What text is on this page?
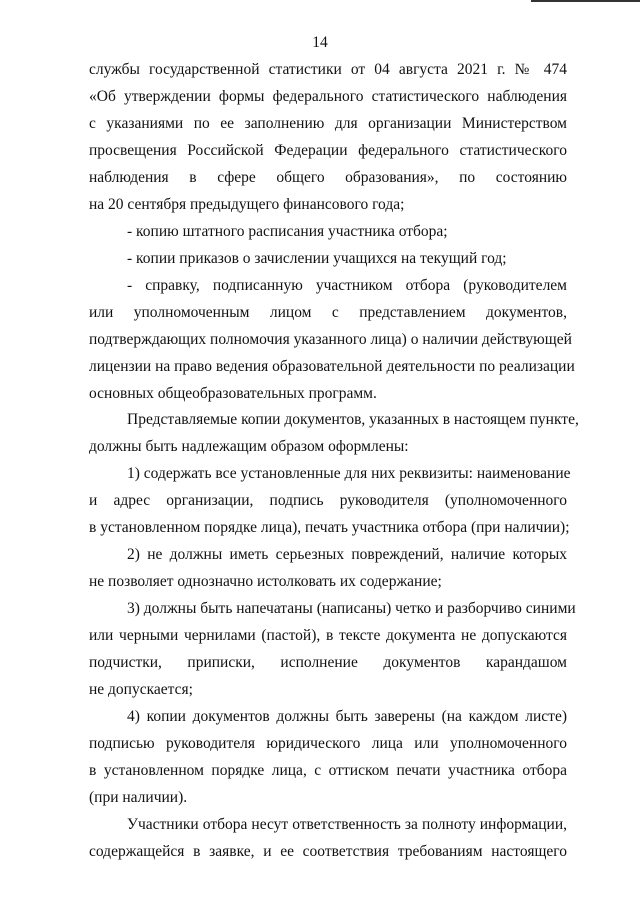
14

службы государственной статистики от 04 августа 2021 г. № 474
«Об утверждении формы федерального статистического наблюдения
с указаниями по ее заполнению для организации Министерством
просвещения Российской Федерации федерального статистического
наблюдения в сфере общего образования», по состоянию
на 20 сентября предыдущего финансового года;

- копию штатного расписания участника отбора;

- копии приказов о зачислении учащихся на текущий год;

- справку, подписанную участником отбора (руководителем
или уполномоченным лицом с представлением документов,
подтверждающих полномочия указанного лица) о наличии действующей
лицензии на право ведения образовательной деятельности по реализации
основных общеобразовательных программ.

Представляемые копии документов, указанных в настоящем пункте,
должны быть надлежащим образом оформлены:

1) содержать все установленные для них реквизиты: наименование
и адрес организации, подпись руководителя (уполномоченного
в установленном порядке лица), печать участника отбора (при наличии);

2) не должны иметь серьезных повреждений, наличие которых
не позволяет однозначно истолковать их содержание;

3) должны быть напечатаны (написаны) четко и разборчиво синими
или черными чернилами (пастой), в тексте документа не допускаются
подчистки, приписки, исполнение документов карандашом
не допускается;

4) копии документов должны быть заверены (на каждом листе)
подписью руководителя юридического лица или уполномоченного
в установленном порядке лица, с оттиском печати участника отбора
(при наличии).

Участники отбора несут ответственность за полноту информации,
содержащейся в заявке, и ее соответствия требованиям настоящего
